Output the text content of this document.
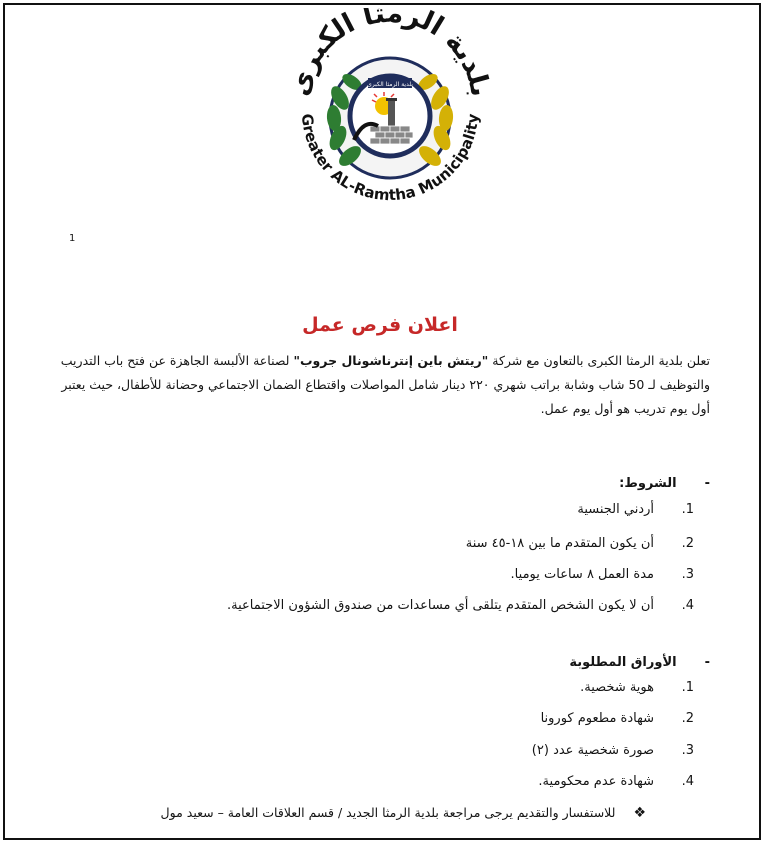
دية الرمثا الكبر
بلدية الرمثا الكبرى
Greater AL-Ramtha Municipality
1
اعلان فرص عمل
تعلن بلدية الرمثا الكبرى بالتعاون مع شركة "ريتش باين إنترناشونال جروب" لصناعة الألبسة الجاهزة عن فتح باب التدريب والتوظيف لـ 50 شاب وشابة براتب شهري ٢٢٠ دينار شامل المواصلات واقتطاع الضمان الاجتماعي وحضانة للأطفال، حيث يعتبر أول يوم تدريب هو أول يوم عمل.
-الشروط:
1.أردني الجنسية
2.أن يكون المتقدم ما بين ١٨-٤٥ سنة
3.مدة العمل ٨ ساعات يوميا.
4.أن لا يكون الشخص المتقدم يتلقى أي مساعدات من صندوق الشؤون الاجتماعية.
-الأوراق المطلوبة
1.هوية شخصية.
2.شهادة مطعوم كورونا
3.صورة شخصية عدد (٢)
4.شهادة عدم محكومية.
❖للاستفسار والتقديم يرجى مراجعة بلدية الرمثا الجديد / قسم العلاقات العامة – سعيد مول
